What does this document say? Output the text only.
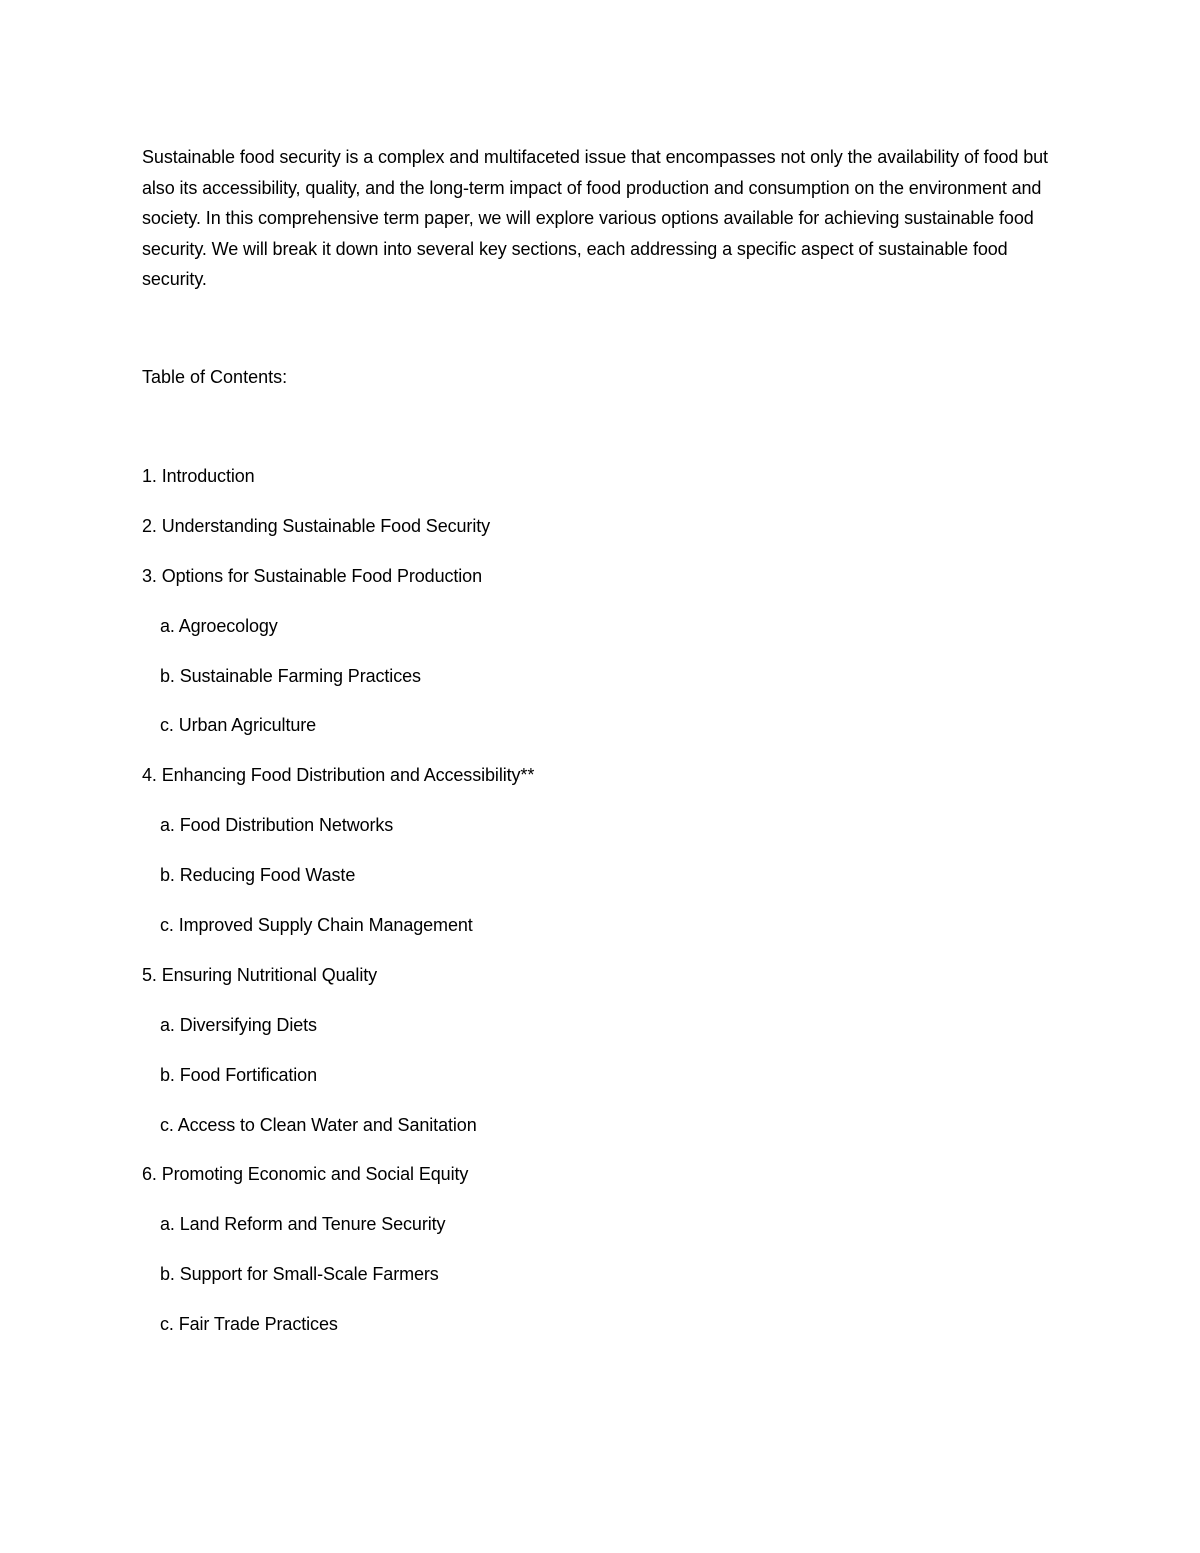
Sustainable food security is a complex and multifaceted issue that encompasses not only the availability of food but also its accessibility, quality, and the long-term impact of food production and consumption on the environment and society. In this comprehensive term paper, we will explore various options available for achieving sustainable food security. We will break it down into several key sections, each addressing a specific aspect of sustainable food security.

Table of Contents:
1. Introduction
2. Understanding Sustainable Food Security
3. Options for Sustainable Food Production
a. Agroecology
b. Sustainable Farming Practices
c. Urban Agriculture
4. Enhancing Food Distribution and Accessibility**
a. Food Distribution Networks
b. Reducing Food Waste
c. Improved Supply Chain Management
5. Ensuring Nutritional Quality
a. Diversifying Diets
b. Food Fortification
c. Access to Clean Water and Sanitation
6. Promoting Economic and Social Equity
a. Land Reform and Tenure Security
b. Support for Small-Scale Farmers
c. Fair Trade Practices
